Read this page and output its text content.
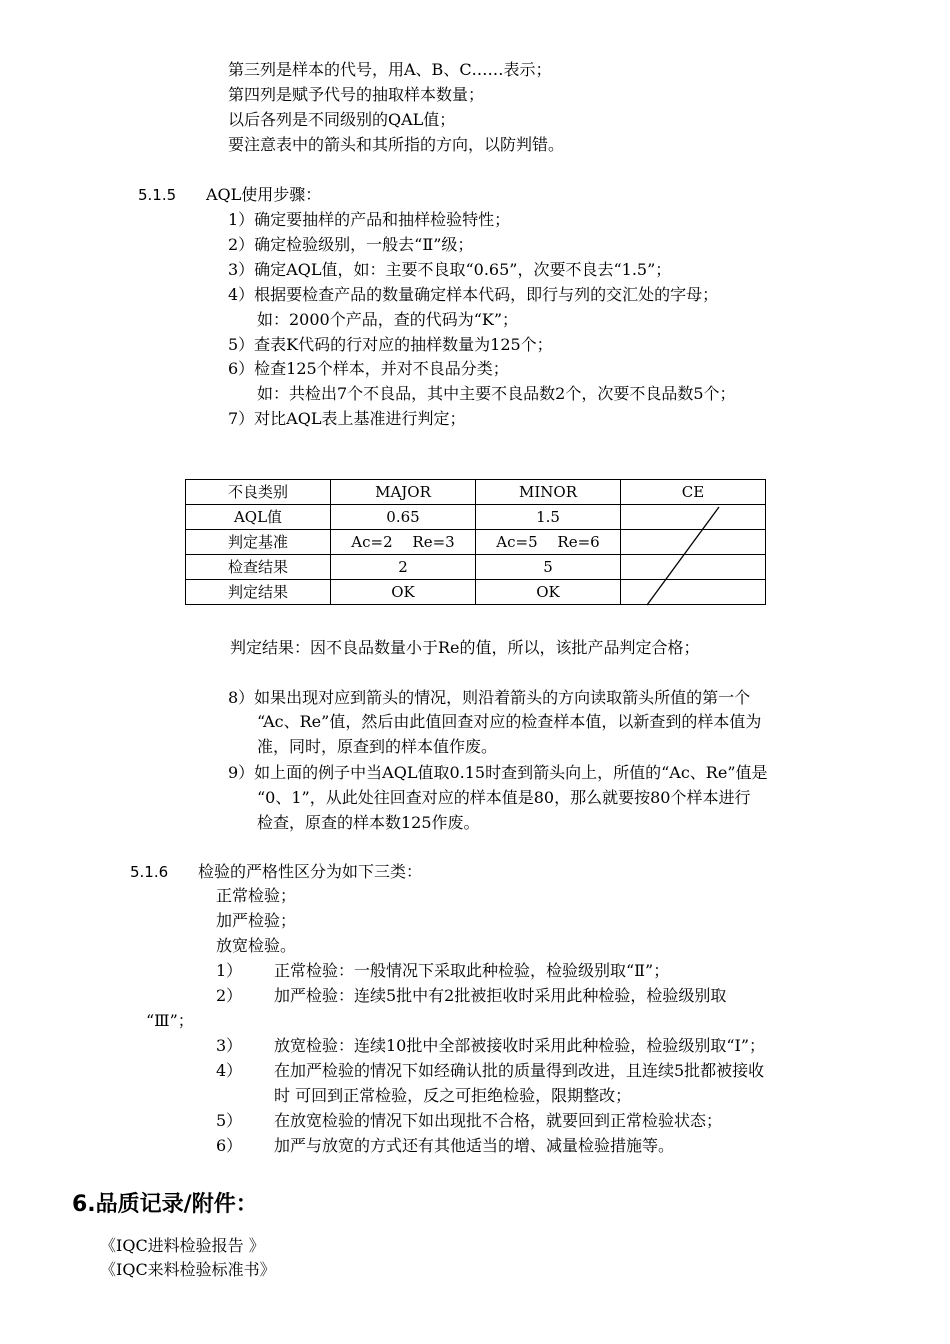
第三列是样本的代号，用A、B、C……表示；
第四列是赋予代号的抽取样本数量；
以后各列是不同级别的QAL值；
要注意表中的箭头和其所指的方向，以防判错。
5.1.5 AQL使用步骤：
1）确定要抽样的产品和抽样检验特性；
2）确定检验级别，一般去“Ⅱ”级；
3）确定AQL值，如：主要不良取“0.65”，次要不良去“1.5”；
4）根据要检查产品的数量确定样本代码，即行与列的交汇处的字母；
如：2000个产品，查的代码为“K”；
5）查表K代码的行对应的抽样数量为125个；
6）检查125个样本，并对不良品分类；
如：共检出7个不良品，其中主要不良品数2个，次要不良品数5个；
7）对比AQL表上基准进行判定；
不良类别	MAJOR	MINOR	CE
AQL值	0.65	1.5	
判定基准	Ac=2　 Re=3	Ac=5　 Re=6	
检查结果	2	5	
判定结果	OK	OK	
判定结果：因不良品数量小于Re的值，所以，该批产品判定合格；
8）如果出现对应到箭头的情况，则沿着箭头的方向读取箭头所值的第一个
“Ac、Re”值，然后由此值回查对应的检查样本值，以新查到的样本值为
准，同时，原查到的样本值作废。
9）如上面的例子中当AQL值取0.15时查到箭头向上，所值的“Ac、Re”值是
“0、1”，从此处往回查对应的样本值是80，那么就要按80个样本进行
检查，原查的样本数125作废。
5.1.6 检验的严格性区分为如下三类：
正常检验；
加严检验；
放宽检验。
1） 正常检验：一般情况下采取此种检验，检验级别取“Ⅱ”；
2） 加严检验：连续5批中有2批被拒收时采用此种检验，检验级别取
“Ⅲ”；
3） 放宽检验：连续10批中全部被接收时采用此种检验，检验级别取“Ⅰ”；
4） 在加严检验的情况下如经确认批的质量得到改进，且连续5批都被接收
时 可回到正常检验，反之可拒绝检验，限期整改；
5） 在放宽检验的情况下如出现批不合格，就要回到正常检验状态；
6） 加严与放宽的方式还有其他适当的增、减量检验措施等。
6.品质记录/附件：
《IQC进料检验报告 》
《IQC来料检验标准书》
